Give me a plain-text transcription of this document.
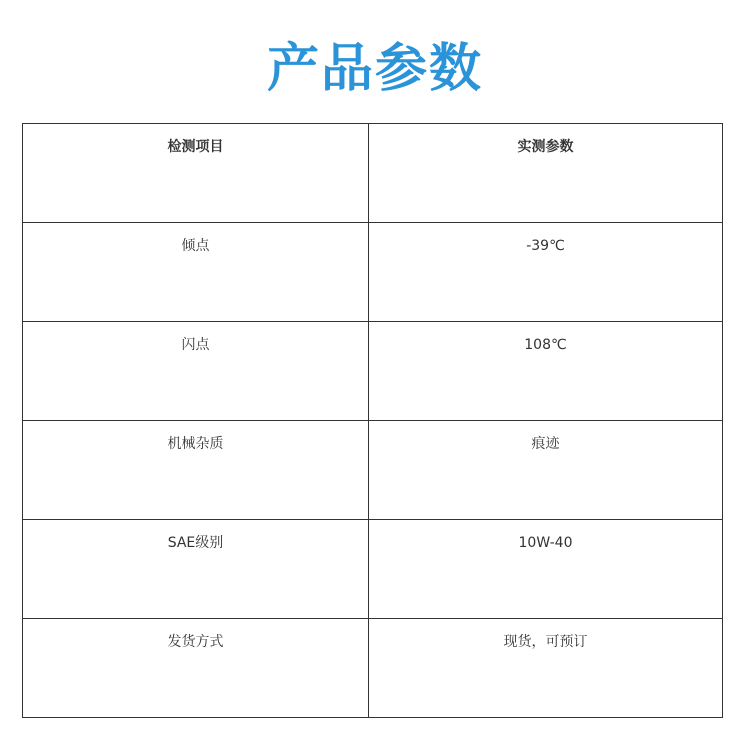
产品参数
检测项目	实测参数
倾点	-39℃
闪点	108℃
机械杂质	痕迹
SAE级别	10W-40
发货方式	现货，可预订
